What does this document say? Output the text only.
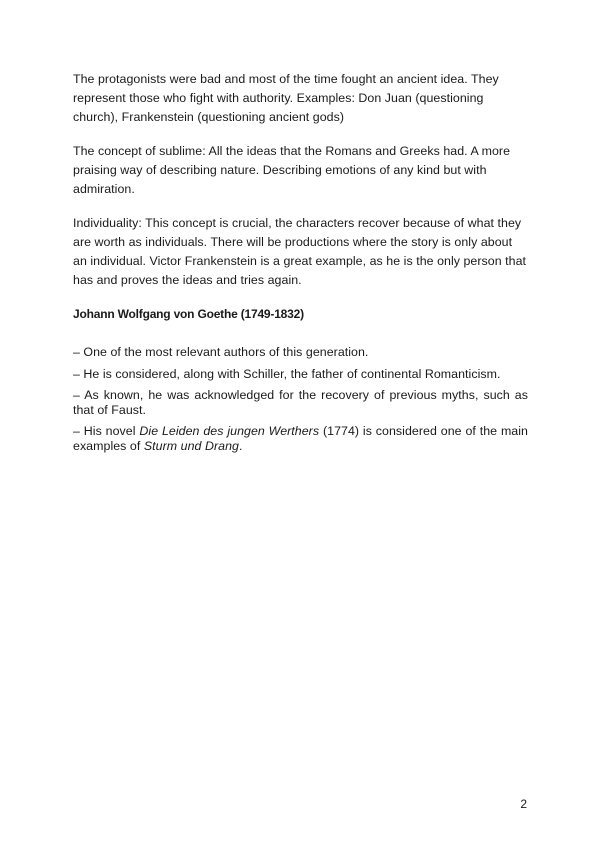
The protagonists were bad and most of the time fought an ancient idea. They represent those who fight with authority. Examples: Don Juan (questioning church), Frankenstein (questioning ancient gods)

The concept of sublime: All the ideas that the Romans and Greeks had. A more praising way of describing nature. Describing emotions of any kind but with admiration.

Individuality: This concept is crucial, the characters recover because of what they are worth as individuals. There will be productions where the story is only about an individual. Victor Frankenstein is a great example, as he is the only person that has and proves the ideas and tries again.

Johann Wolfgang von Goethe (1749-1832)
– One of the most relevant authors of this generation.
– He is considered, along with Schiller, the father of continental Romanticism.
– As known, he was acknowledged for the recovery of previous myths, such as that of Faust.
– His novel Die Leiden des jungen Werthers (1774) is considered one of the main examples of Sturm und Drang.
2
